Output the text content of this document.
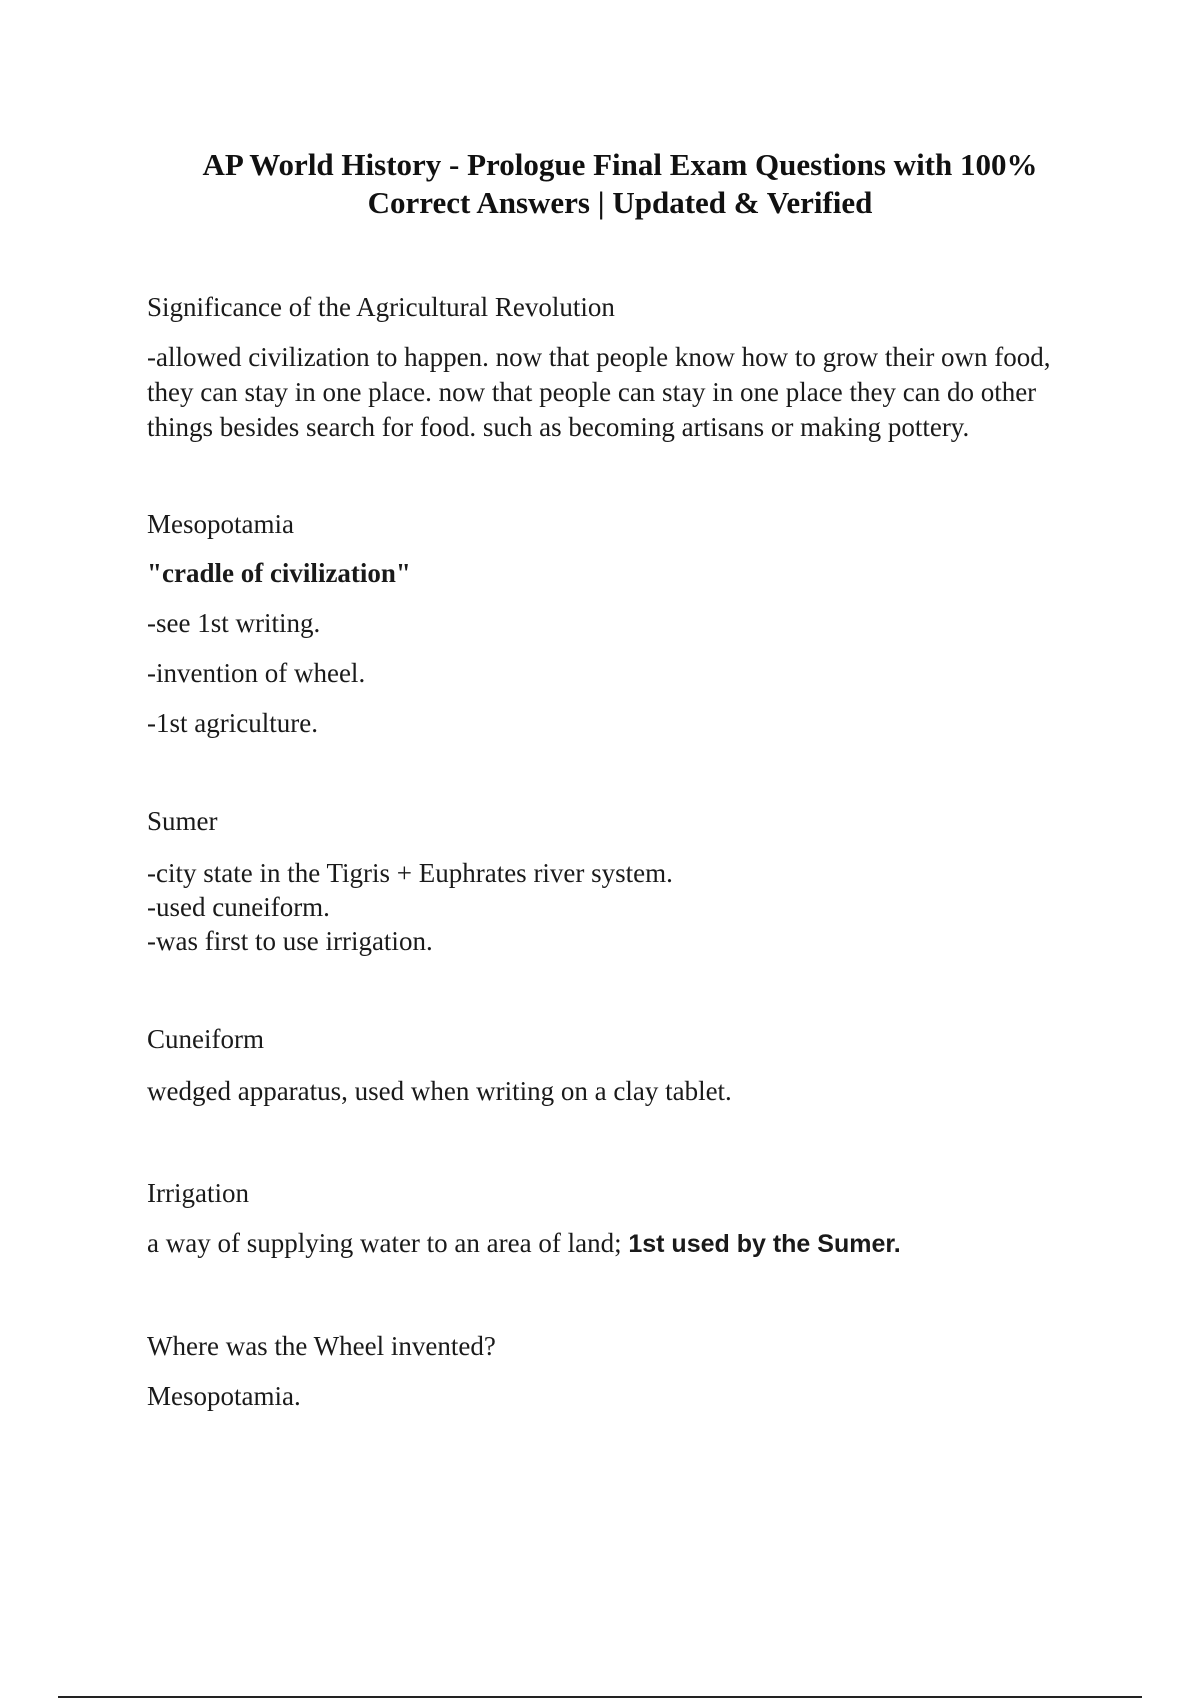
AP World History - Prologue Final Exam Questions with 100%
Correct Answers | Updated & Verified

Significance of the Agricultural Revolution

-allowed civilization to happen. now that people know how to grow their own food, they can stay in one place. now that people can stay in one place they can do other things besides search for food. such as becoming artisans or making pottery.

Mesopotamia

"cradle of civilization"

-see 1st writing.

-invention of wheel.

-1st agriculture.

Sumer

-city state in the Tigris + Euphrates river system.

-used cuneiform.

-was first to use irrigation.

Cuneiform

wedged apparatus, used when writing on a clay tablet.

Irrigation

a way of supplying water to an area of land; 1st used by the Sumer.

Where was the Wheel invented?

Mesopotamia.
